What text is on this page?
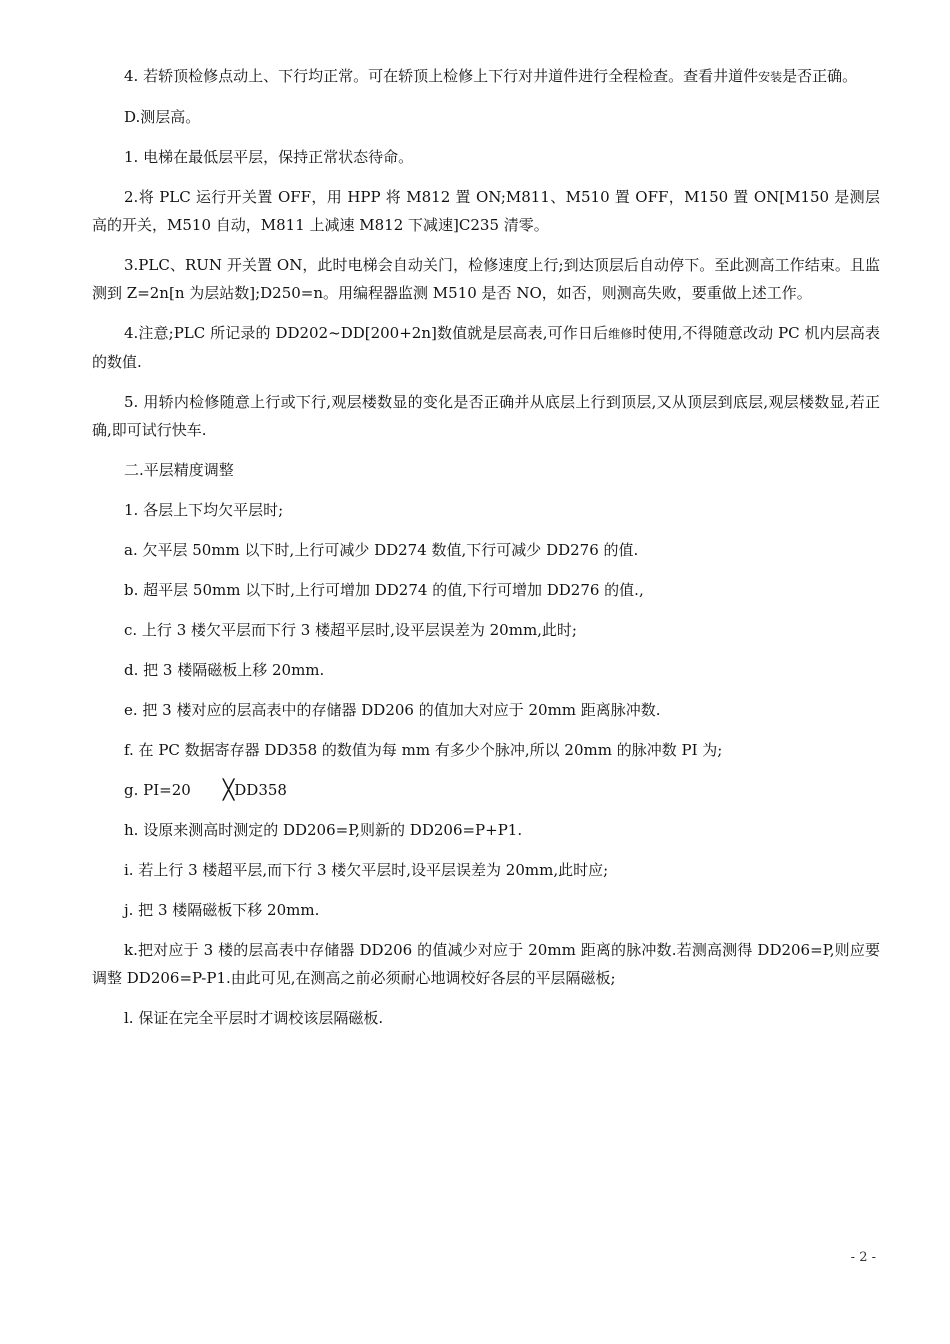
4. 若轿顶检修点动上、下行均正常。可在轿顶上检修上下行对井道件进行全程检查。查看井道件安装是否正确。

D.测层高。

1. 电梯在最低层平层，保持正常状态待命。

2.将 PLC 运行开关置 OFF，用 HPP 将 M812 置 ON;M811、M510 置 OFF，M150 置 ON[M150 是测层高的开关，M510 自动，M811 上减速 M812 下减速]C235 清零。

3.PLC、RUN 开关置 ON，此时电梯会自动关门，检修速度上行;到达顶层后自动停下。至此测高工作结束。且监测到 Z=2n[n 为层站数];D250=n。用编程器监测 M510 是否 NO，如否，则测高失败，要重做上述工作。

4.注意;PLC 所记录的 DD202~DD[200+2n]数值就是层高表,可作日后维修时使用,不得随意改动 PC 机内层高表的数值.

5. 用轿内检修随意上行或下行,观层楼数显的变化是否正确并从底层上行到顶层,又从顶层到底层,观层楼数显,若正确,即可试行快车.

二.平层精度调整

1. 各层上下均欠平层时;

a. 欠平层 50mm 以下时,上行可减少 DD274 数值,下行可减少 DD276 的值.

b. 超平层 50mm 以下时,上行可增加 DD274 的值,下行可增加 DD276 的值.,

c. 上行 3 楼欠平层而下行 3 楼超平层时,设平层误差为 20mm,此时;

d. 把 3 楼隔磁板上移 20mm.

e. 把 3 楼对应的层高表中的存储器 DD206 的值加大对应于 20mm 距离脉冲数.

f. 在 PC 数据寄存器 DD358 的数值为每 mm 有多少个脉冲,所以 20mm 的脉冲数 PI 为;

g. PI=20 ╳DD358

h. 设原来测高时测定的 DD206=P,则新的 DD206=P+P1.

i. 若上行 3 楼超平层,而下行 3 楼欠平层时,设平层误差为 20mm,此时应;

j. 把 3 楼隔磁板下移 20mm.

k.把对应于 3 楼的层高表中存储器 DD206 的值减少对应于 20mm 距离的脉冲数.若测高测得 DD206=P,则应要调整 DD206=P-P1.由此可见,在测高之前必须耐心地调校好各层的平层隔磁板;

l. 保证在完全平层时才调校该层隔磁板.

- 2 -
